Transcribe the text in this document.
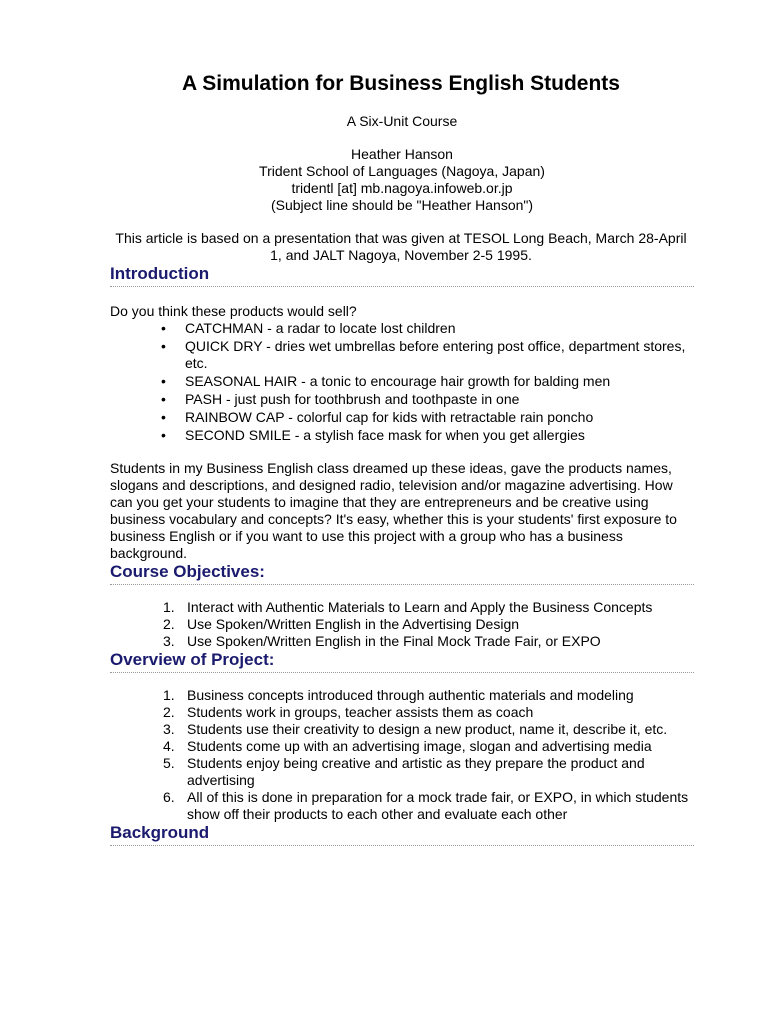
A Simulation for Business English Students
A Six-Unit Course
Heather Hanson
Trident School of Languages (Nagoya, Japan)
tridentl [at] mb.nagoya.infoweb.or.jp
(Subject line should be "Heather Hanson")
This article is based on a presentation that was given at TESOL Long Beach, March 28-April 1, and JALT Nagoya, November 2-5 1995.
Introduction

Do you think these products would sell?

• CATCHMAN - a radar to locate lost children
• QUICK DRY - dries wet umbrellas before entering post office, department stores, etc.
• SEASONAL HAIR - a tonic to encourage hair growth for balding men
• PASH - just push for toothbrush and toothpaste in one
• RAINBOW CAP - colorful cap for kids with retractable rain poncho
• SECOND SMILE - a stylish face mask for when you get allergies

Students in my Business English class dreamed up these ideas, gave the products names, slogans and descriptions, and designed radio, television and/or magazine advertising. How can you get your students to imagine that they are entrepreneurs and be creative using business vocabulary and concepts? It's easy, whether this is your students' first exposure to business English or if you want to use this project with a group who has a business background.

Course Objectives:
1. Interact with Authentic Materials to Learn and Apply the Business Concepts
2. Use Spoken/Written English in the Advertising Design
3. Use Spoken/Written English in the Final Mock Trade Fair, or EXPO
Overview of Project:
1. Business concepts introduced through authentic materials and modeling
2. Students work in groups, teacher assists them as coach
3. Students use their creativity to design a new product, name it, describe it, etc.
4. Students come up with an advertising image, slogan and advertising media
5. Students enjoy being creative and artistic as they prepare the product and advertising
6. All of this is done in preparation for a mock trade fair, or EXPO, in which students show off their products to each other and evaluate each other
Background
